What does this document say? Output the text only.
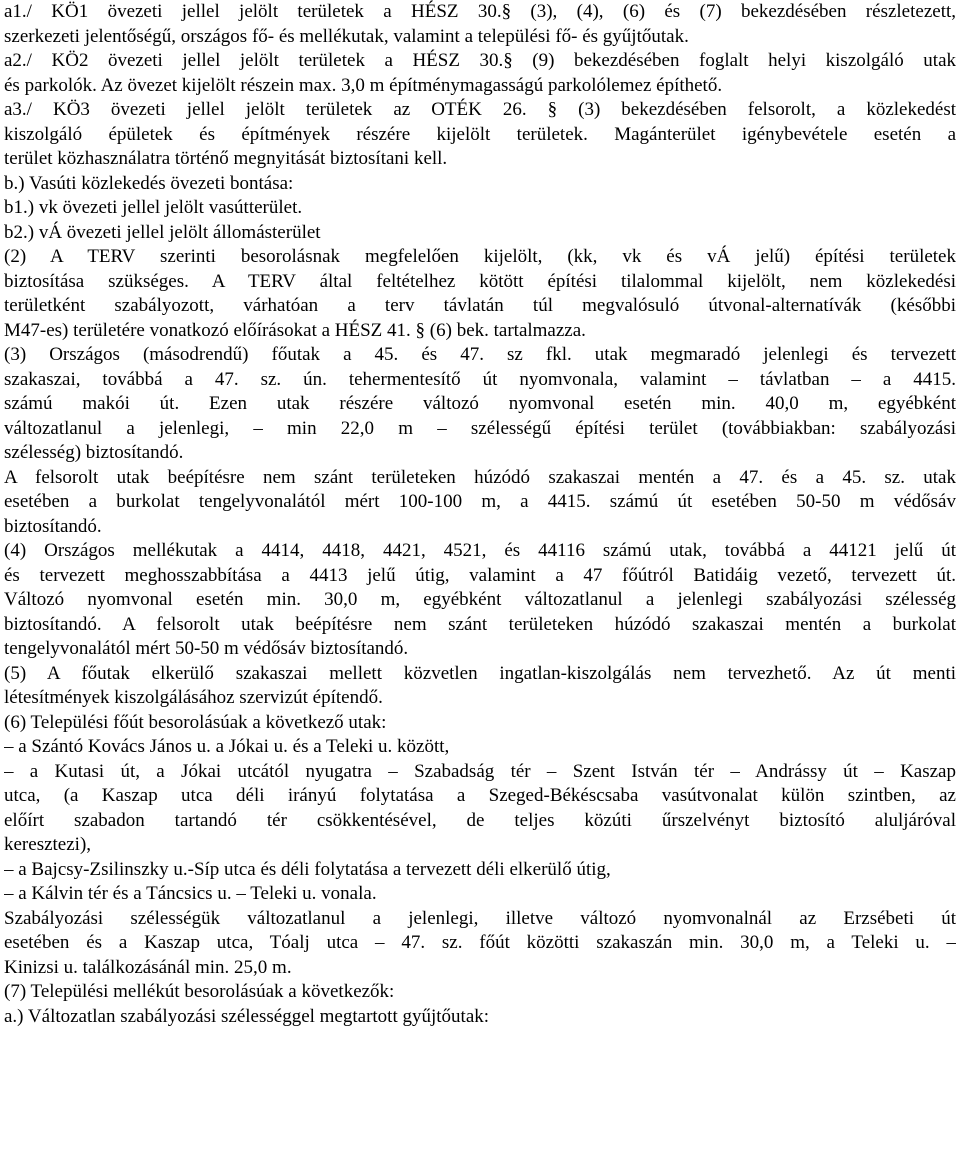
a1./ KÖ1 övezeti jellel jelölt területek a HÉSZ 30.§ (3), (4), (6) és (7) bekezdésében részletezett,
szerkezeti jelentőségű, országos fő- és mellékutak, valamint a települési fő- és gyűjtőutak.
a2./ KÖ2 övezeti jellel jelölt területek a HÉSZ 30.§ (9) bekezdésében foglalt helyi kiszolgáló utak
és parkolók. Az övezet kijelölt részein max. 3,0 m építménymagasságú parkolólemez építhető.
a3./ KÖ3 övezeti jellel jelölt területek az OTÉK 26. § (3) bekezdésében felsorolt, a közlekedést
kiszolgáló épületek és építmények részére kijelölt területek. Magánterület igénybevétele esetén a
terület közhasználatra történő megnyitását biztosítani kell.
b.) Vasúti közlekedés övezeti bontása:
b1.) vk övezeti jellel jelölt vasútterület.
b2.) vÁ övezeti jellel jelölt állomásterület
(2) A TERV szerinti besorolásnak megfelelően kijelölt, (kk, vk és vÁ jelű) építési területek
biztosítása szükséges. A TERV által feltételhez kötött építési tilalommal kijelölt, nem közlekedési
területként szabályozott, várhatóan a terv távlatán túl megvalósuló útvonal-alternatívák (későbbi
M47-es) területére vonatkozó előírásokat a HÉSZ 41. § (6) bek. tartalmazza.
(3) Országos (másodrendű) főutak a 45. és 47. sz fkl. utak megmaradó jelenlegi és tervezett
szakaszai, továbbá a 47. sz. ún. tehermentesítő út nyomvonala, valamint – távlatban – a 4415.
számú makói út. Ezen utak részére változó nyomvonal esetén min. 40,0 m, egyébként
változatlanul a jelenlegi, – min 22,0 m – szélességű építési terület (továbbiakban: szabályozási
szélesség) biztosítandó.
A felsorolt utak beépítésre nem szánt területeken húzódó szakaszai mentén a 47. és a 45. sz. utak
esetében a burkolat tengelyvonalától mért 100-100 m, a 4415. számú út esetében 50-50 m védősáv
biztosítandó.
(4) Országos mellékutak a 4414, 4418, 4421, 4521, és 44116 számú utak, továbbá a 44121 jelű út
és tervezett meghosszabbítása a 4413 jelű útig, valamint a 47 főútról Batidáig vezető, tervezett út.
Változó nyomvonal esetén min. 30,0 m, egyébként változatlanul a jelenlegi szabályozási szélesség
biztosítandó. A felsorolt utak beépítésre nem szánt területeken húzódó szakaszai mentén a burkolat
tengelyvonalától mért 50-50 m védősáv biztosítandó.
(5) A főutak elkerülő szakaszai mellett közvetlen ingatlan-kiszolgálás nem tervezhető. Az út menti
létesítmények kiszolgálásához szervizút építendő.
(6) Települési főút besorolásúak a következő utak:
– a Szántó Kovács János u. a Jókai u. és a Teleki u. között,
– a Kutasi út, a Jókai utcától nyugatra – Szabadság tér – Szent István tér – Andrássy út – Kaszap
utca, (a Kaszap utca déli irányú folytatása a Szeged-Békéscsaba vasútvonalat külön szintben, az
előírt szabadon tartandó tér csökkentésével, de teljes közúti űrszelvényt biztosító aluljáróval
keresztezi),
– a Bajcsy-Zsilinszky u.-Síp utca és déli folytatása a tervezett déli elkerülő útig,
– a Kálvin tér és a Táncsics u. – Teleki u. vonala.
Szabályozási szélességük változatlanul a jelenlegi, illetve változó nyomvonalnál az Erzsébeti út
esetében és a Kaszap utca, Tóalj utca – 47. sz. főút közötti szakaszán min. 30,0 m, a Teleki u. –
Kinizsi u. találkozásánál min. 25,0 m.
(7) Települési mellékút besorolásúak a következők:
a.) Változatlan szabályozási szélességgel megtartott gyűjtőutak:
